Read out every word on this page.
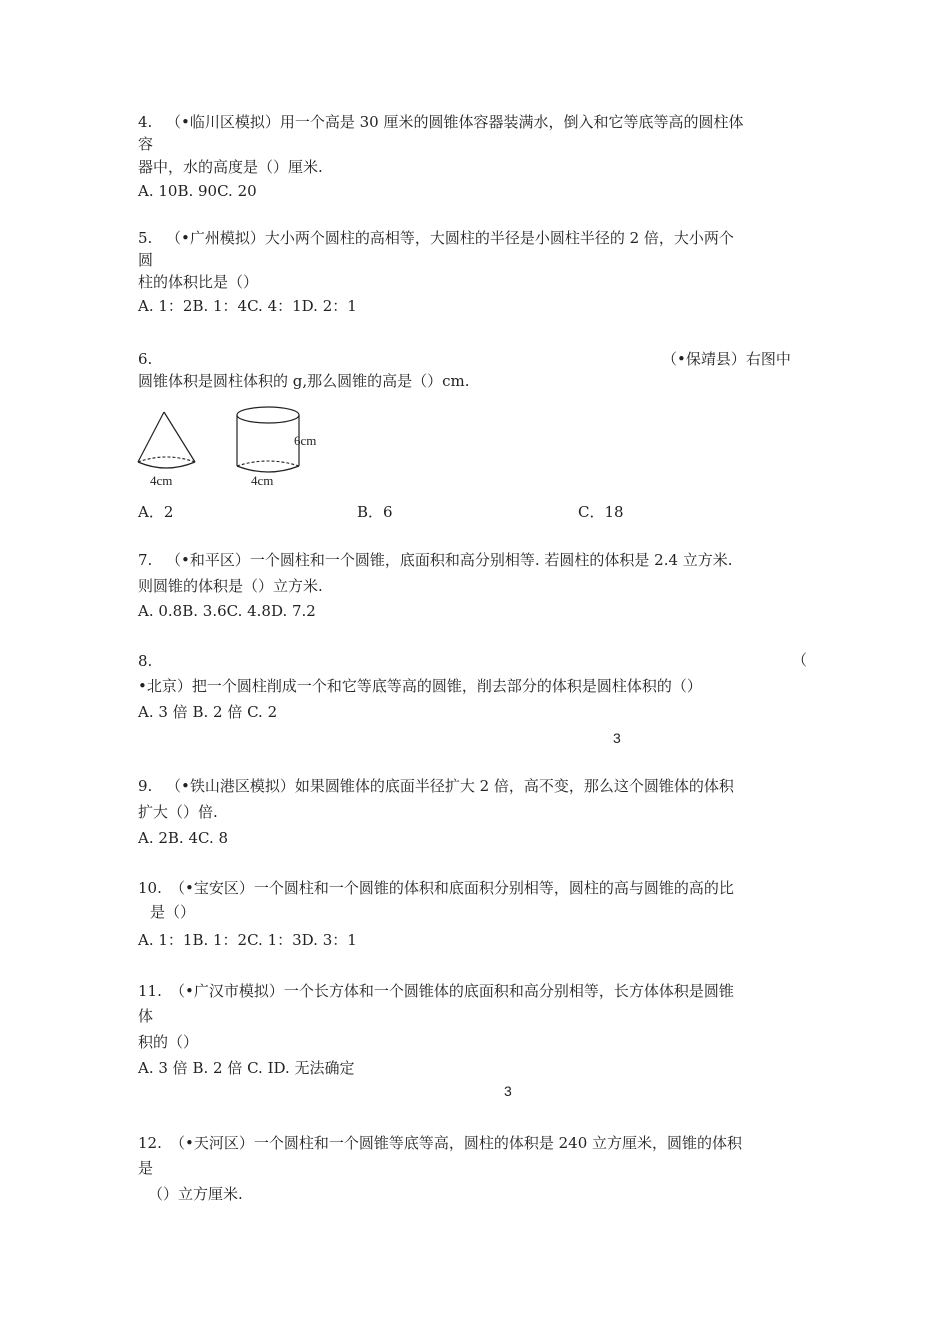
4. （•临川区模拟）用一个高是 30 厘米的圆锥体容器装满水，倒入和它等底等高的圆柱体
容
器中，水的高度是（）厘米.
A. 10B. 90C. 20
5. （•广州模拟）大小两个圆柱的高相等，大圆柱的半径是小圆柱半径的 2 倍，大小两个
圆
柱的体积比是（）
A. 1：2B. 1：4C. 4：1D. 2：1
6.	（•保靖县）右图中
圆锥体积是圆柱体积的 g,那么圆锥的高是（）cm.
4cm
6cm
4cm
A．2	B．6	C．18
7. （•和平区）一个圆柱和一个圆锥，底面积和高分别相等. 若圆柱的体积是 2.4 立方米.
则圆锥的体积是（）立方米.
A. 0.8B. 3.6C. 4.8D. 7.2
8.	（
•北京）把一个圆柱削成一个和它等底等高的圆锥，削去部分的体积是圆柱体积的（）
A. 3 倍 B. 2 倍 C. 2
3
9. （•铁山港区模拟）如果圆锥体的底面半径扩大 2 倍，高不变，那么这个圆锥体的体积
扩大（）倍.
A. 2B. 4C. 8
10. （•宝安区）一个圆柱和一个圆锥的体积和底面积分别相等，圆柱的高与圆锥的高的比
是（）
A. 1：1B. 1：2C. 1：3D. 3：1
11. （•广汉市模拟）一个长方体和一个圆锥体的底面积和高分别相等，长方体体积是圆锥
体
积的（）
A. 3 倍 B. 2 倍 C. ⅠD. 无法确定
3
12. （•天河区）一个圆柱和一个圆锥等底等高，圆柱的体积是 240 立方厘米，圆锥的体积
是
（）立方厘米.
